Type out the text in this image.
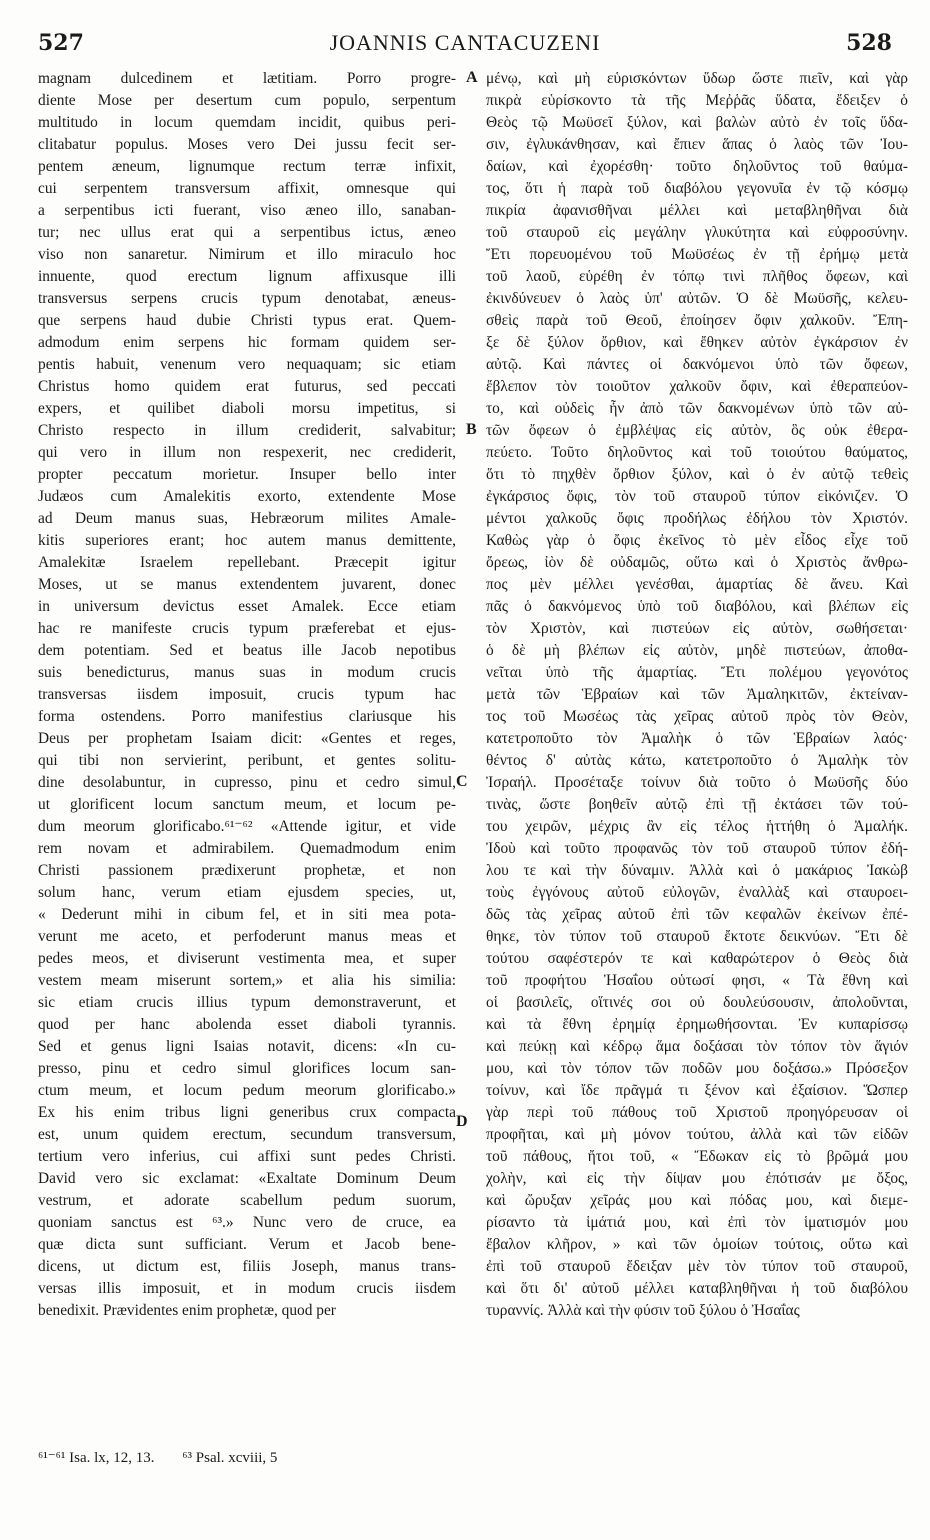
527	JOANNIS CANTACUZENI	528
magnam dulcedinem et lætitiam. Porro progre-
diente Mose per desertum cum populo, serpentum
multitudo in locum quemdam incidit, quibus peri-
clitabatur populus. Moses vero Dei jussu fecit ser-
pentem æneum, lignumque rectum terræ infixit,
cui serpentem transversum affixit, omnesque qui
a serpentibus icti fuerant, viso æneo illo, sanaban-
tur; nec ullus erat qui a serpentibus ictus, æneo
viso non sanaretur. Nimirum et illo miraculo hoc
innuente, quod erectum lignum affixusque illi
transversus serpens crucis typum denotabat, æneus-
que serpens haud dubie Christi typus erat. Quem-
admodum enim serpens hic formam quidem ser-
pentis habuit, venenum vero nequaquam; sic etiam
Christus homo quidem erat futurus, sed peccati
expers, et quilibet diaboli morsu impetitus, si
Christo respecto in illum crediderit, salvabitur;
qui vero in illum non respexerit, nec crediderit,
propter peccatum morietur. Insuper bello inter
Judæos cum Amalekitis exorto, extendente Mose
ad Deum manus suas, Hebræorum milites Amale-
kitis superiores erant; hoc autem manus demittente,
Amalekitæ Israelem repellebant. Præcepit igitur
Moses, ut se manus extendentem juvarent, donec
in universum devictus esset Amalek. Ecce etiam
hac re manifeste crucis typum præferebat et ejus-
dem potentiam. Sed et beatus ille Jacob nepotibus
suis benedicturus, manus suas in modum crucis
transversas iisdem imposuit, crucis typum hac
forma ostendens. Porro manifestius clariusque his
Deus per prophetam Isaiam dicit: «Gentes et reges,
qui tibi non servierint, peribunt, et gentes solitu-
dine desolabuntur, in cupresso, pinu et cedro simul,
ut glorificent locum sanctum meum, et locum pe-
dum meorum glorificabo.⁶¹⁻⁶² «Attende igitur, et vide
rem novam et admirabilem. Quemadmodum enim
Christi passionem prædixerunt prophetæ, et non
solum hanc, verum etiam ejusdem species, ut,
« Dederunt mihi in cibum fel, et in siti mea pota-
verunt me aceto, et perfoderunt manus meas et
pedes meos, et diviserunt vestimenta mea, et super
vestem meam miserunt sortem,» et alia his similia:
sic etiam crucis illius typum demonstraverunt, et
quod per hanc abolenda esset diaboli tyrannis.
Sed et genus ligni Isaias notavit, dicens: «In cu-
presso, pinu et cedro simul glorifices locum san-
ctum meum, et locum pedum meorum glorificabo.»
Ex his enim tribus ligni generibus crux compacta
est, unum quidem erectum, secundum transversum,
tertium vero inferius, cui affixi sunt pedes Christi.
David vero sic exclamat: «Exaltate Dominum Deum
vestrum, et adorate scabellum pedum suorum,
quoniam sanctus est ⁶³.» Nunc vero de cruce, ea
quæ dicta sunt sufficiant. Verum et Jacob bene-
dicens, ut dictum est, filiis Joseph, manus trans-
versas illis imposuit, et in modum crucis iisdem
benedixit. Prævidentes enim prophetæ, quod per
μένῳ, καὶ μὴ εὑρισκόντων ὕδωρ ὥστε πιεῖν, καὶ γὰρ
πικρὰ εὑρίσκοντο τὰ τῆς Μεῤῥᾶς ὕδατα, ἔδειξεν ὁ
Θεὸς τῷ Μωϋσεῖ ξύλον, καὶ βαλὼν αὐτὸ ἐν τοῖς ὕδα-
σιν, ἐγλυκάνθησαν, καὶ ἔπιεν ἅπας ὁ λαὸς τῶν Ἰου-
δαίων, καὶ ἐχορέσθη· τοῦτο δηλοῦντος τοῦ θαύμα-
τος, ὅτι ἡ παρὰ τοῦ διαβόλου γεγονυῖα ἐν τῷ κόσμῳ
πικρία ἀφανισθῆναι μέλλει καὶ μεταβληθῆναι διὰ
τοῦ σταυροῦ εἰς μεγάλην γλυκύτητα καὶ εὐφροσύνην.
Ἔτι πορευομένου τοῦ Μωϋσέως ἐν τῇ ἐρήμῳ μετὰ
τοῦ λαοῦ, εὑρέθη ἐν τόπῳ τινὶ πλῆθος ὄφεων, καὶ
ἐκινδύνευεν ὁ λαὸς ὑπ' αὐτῶν. Ὁ δὲ Μωϋσῆς, κελευ-
σθεὶς παρὰ τοῦ Θεοῦ, ἐποίησεν ὄφιν χαλκοῦν. Ἔπη-
ξε δὲ ξύλον ὄρθιον, καὶ ἔθηκεν αὐτὸν ἐγκάρσιον ἐν
αὐτῷ. Καὶ πάντες οἱ δακνόμενοι ὑπὸ τῶν ὄφεων,
ἔβλεπον τὸν τοιοῦτον χαλκοῦν ὄφιν, καὶ ἐθεραπεύον-
το, καὶ οὐδεὶς ἦν ἀπὸ τῶν δακνομένων ὑπὸ τῶν αὐ-
τῶν ὄφεων ὁ ἐμβλέψας εἰς αὐτὸν, ὃς οὐκ ἐθερα-
πεύετο. Τοῦτο δηλοῦντος καὶ τοῦ τοιούτου θαύματος,
ὅτι τὸ πηχθὲν ὄρθιον ξύλον, καὶ ὁ ἐν αὐτῷ τεθεὶς
ἐγκάρσιος ὄφις, τὸν τοῦ σταυροῦ τύπον εἰκόνιζεν. Ὁ
μέντοι χαλκοῦς ὄφις προδήλως ἐδήλου τὸν Χριστόν.
Καθὼς γὰρ ὁ ὄφις ἐκεῖνος τὸ μὲν εἶδος εἶχε τοῦ
ὄρεως, ἰὸν δὲ οὐδαμῶς, οὕτω καὶ ὁ Χριστὸς ἄνθρω-
πος μὲν μέλλει γενέσθαι, ἁμαρτίας δὲ ἄνευ. Καὶ
πᾶς ὁ δακνόμενος ὑπὸ τοῦ διαβόλου, καὶ βλέπων εἰς
τὸν Χριστὸν, καὶ πιστεύων εἰς αὐτὸν, σωθήσεται·
ὁ δὲ μὴ βλέπων εἰς αὐτὸν, μηδὲ πιστεύων, ἀποθα-
νεῖται ὑπὸ τῆς ἁμαρτίας. Ἔτι πολέμου γεγονότος
μετὰ τῶν Ἑβραίων καὶ τῶν Ἀμαληκιτῶν, ἐκτείναν-
τος τοῦ Μωσέως τὰς χεῖρας αὐτοῦ πρὸς τὸν Θεὸν,
κατετροποῦτο τὸν Ἀμαλὴκ ὁ τῶν Ἑβραίων λαός·
θέντος δ' αὐτὰς κάτω, κατετροποῦτο ὁ Ἀμαλὴκ τὸν
Ἰσραήλ. Προσέταξε τοίνυν διὰ τοῦτο ὁ Μωϋσῆς δύο
τινὰς, ὥστε βοηθεῖν αὐτῷ ἐπὶ τῇ ἐκτάσει τῶν τού-
του χειρῶν, μέχρις ἂν εἰς τέλος ἡττήθη ὁ Ἀμαλήκ.
Ἰδοὺ καὶ τοῦτο προφανῶς τὸν τοῦ σταυροῦ τύπον ἐδή-
λου τε καὶ τὴν δύναμιν. Ἀλλὰ καὶ ὁ μακάριος Ἰακὼβ
τοὺς ἐγγόνους αὐτοῦ εὐλογῶν, ἐναλλὰξ καὶ σταυροει-
δῶς τὰς χεῖρας αὐτοῦ ἐπὶ τῶν κεφαλῶν ἐκείνων ἐπέ-
θηκε, τὸν τύπον τοῦ σταυροῦ ἔκτοτε δεικνύων. Ἔτι δὲ
τούτου σαφέστερόν τε καὶ καθαρώτερον ὁ Θεὸς διὰ
τοῦ προφήτου Ἠσαΐου οὑτωσί φησι, « Τὰ ἔθνη καὶ
οἱ βασιλεῖς, οἵτινές σοι οὐ δουλεύσουσιν, ἀπολοῦνται,
καὶ τὰ ἔθνη ἐρημίᾳ ἐρημωθήσονται. Ἐν κυπαρίσσῳ
καὶ πεύκῃ καὶ κέδρῳ ἅμα δοξάσαι τὸν τόπον τὸν ἅγιόν
μου, καὶ τὸν τόπον τῶν ποδῶν μου δοξάσω.» Πρόσεξον
τοίνυν, καὶ ἴδε πρᾶγμά τι ξένον καὶ ἐξαίσιον. Ὥσπερ
γὰρ περὶ τοῦ πάθους τοῦ Χριστοῦ προηγόρευσαν οἱ
προφῆται, καὶ μὴ μόνον τούτου, ἀλλὰ καὶ τῶν εἰδῶν
τοῦ πάθους, ἤτοι τοῦ, « Ἔδωκαν εἰς τὸ βρῶμά μου
χολὴν, καὶ εἰς τὴν δίψαν μου ἐπότισάν με ὄξος,
καὶ ὤρυξαν χεῖράς μου καὶ πόδας μου, καὶ διεμε-
ρίσαντο τὰ ἱμάτιά μου, καὶ ἐπὶ τὸν ἱματισμόν μου
ἔβαλον κλῆρον, » καὶ τῶν ὁμοίων τούτοις, οὕτω καὶ
ἐπὶ τοῦ σταυροῦ ἔδειξαν μὲν τὸν τύπον τοῦ σταυροῦ,
καὶ ὅτι δι' αὐτοῦ μέλλει καταβληθῆναι ἡ τοῦ διαβόλου
τυραννίς. Ἀλλὰ καὶ τὴν φύσιν τοῦ ξύλου ὁ Ἠσαΐας
A
B
C
D
⁶¹⁻⁶¹ Isa. lx, 12, 13. ⁶³ Psal. xcviii, 5
